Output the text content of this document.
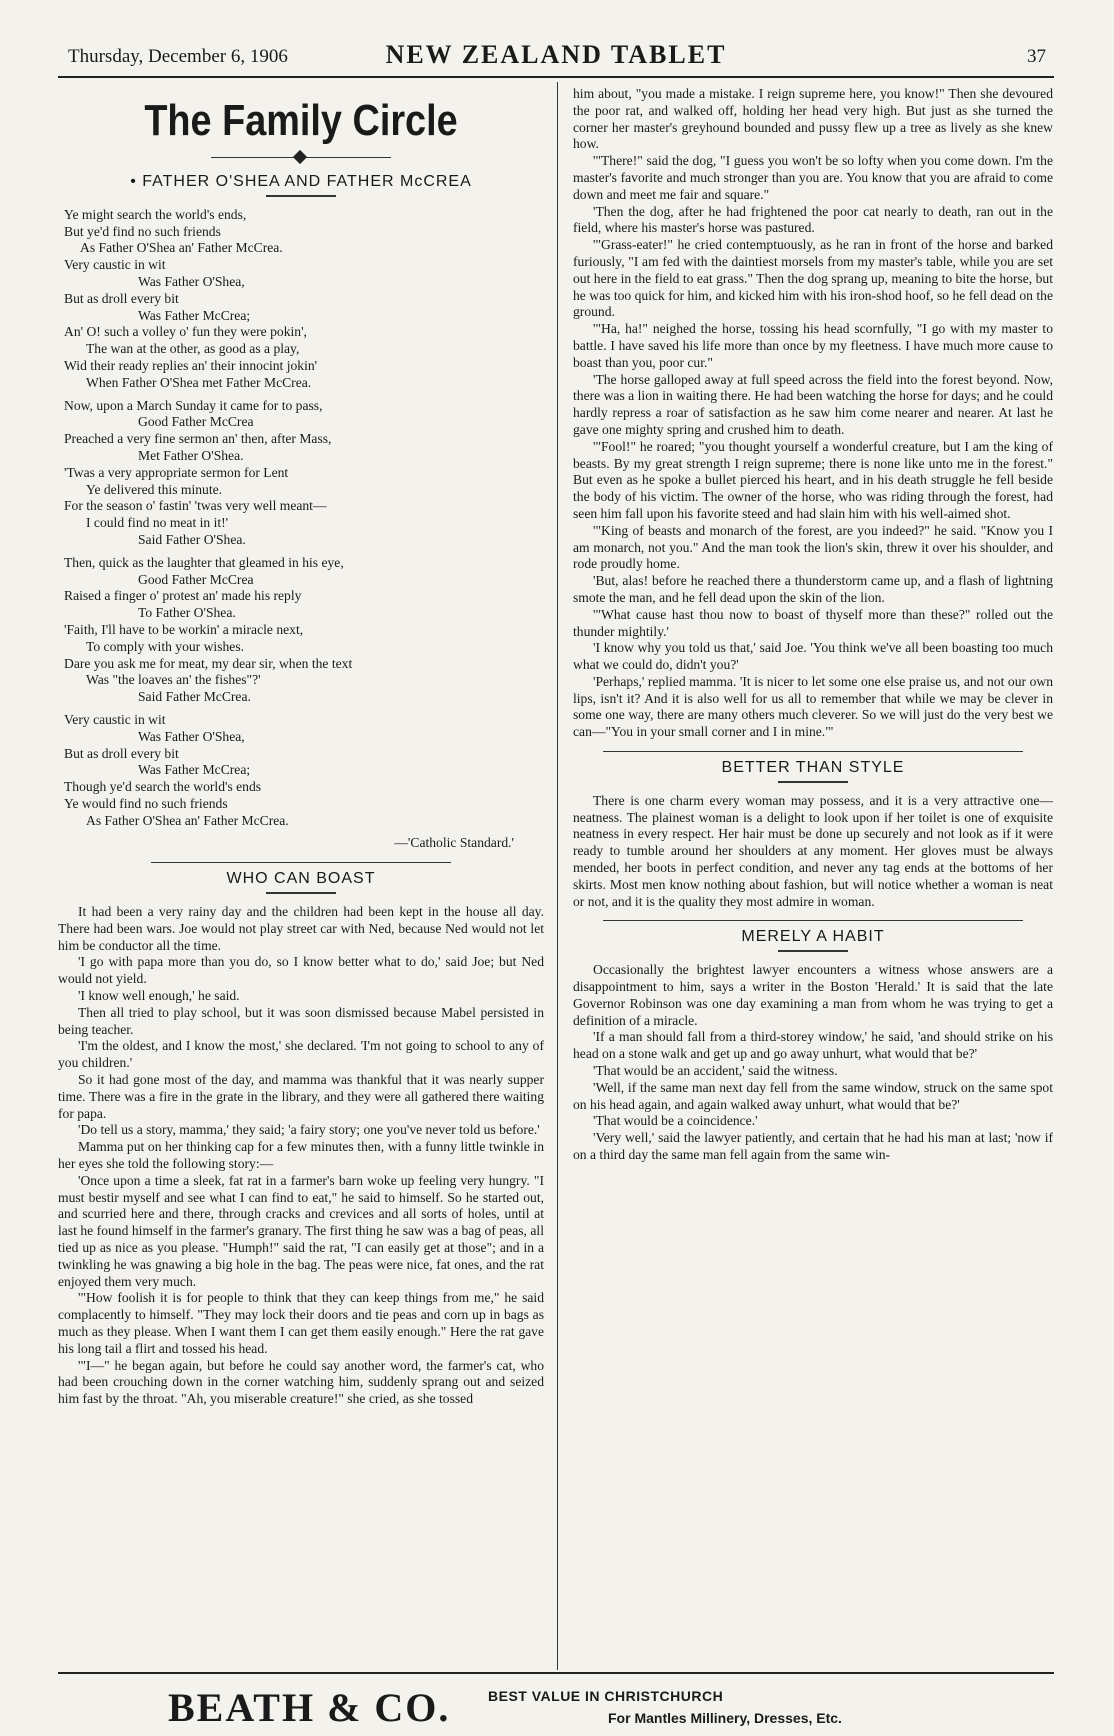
Thursday, December 6, 1906	NEW ZEALAND TABLET	37
The Family Circle
• FATHER O'SHEA AND FATHER McCREA
Ye might search the world's ends,
But ye'd find no such friends
As Father O'Shea an' Father McCrea.
Very caustic in wit
Was Father O'Shea,
But as droll every bit
Was Father McCrea;
An' O! such a volley o' fun they were pokin',
The wan at the other, as good as a play,
Wid their ready replies an' their innocint jokin'
When Father O'Shea met Father McCrea.
Now, upon a March Sunday it came for to pass,
Good Father McCrea
Preached a very fine sermon an' then, after Mass,
Met Father O'Shea.
'Twas a very appropriate sermon for Lent
Ye delivered this minute.
For the season o' fastin' 'twas very well meant—
I could find no meat in it!'
Said Father O'Shea.
Then, quick as the laughter that gleamed in his eye,
Good Father McCrea
Raised a finger o' protest an' made his reply
To Father O'Shea.
'Faith, I'll have to be workin' a miracle next,
To comply with your wishes.
Dare you ask me for meat, my dear sir, when the text
Was "the loaves an' the fishes"?'
Said Father McCrea.
Very caustic in wit
Was Father O'Shea,
But as droll every bit
Was Father McCrea;
Though ye'd search the world's ends
Ye would find no such friends
As Father O'Shea an' Father McCrea.
—'Catholic Standard.'
WHO CAN BOAST

It had been a very rainy day and the children had been kept in the house all day. There had been wars. Joe would not play street car with Ned, because Ned would not let him be conductor all the time.

'I go with papa more than you do, so I know better what to do,' said Joe; but Ned would not yield.

'I know well enough,' he said.

Then all tried to play school, but it was soon dismissed because Mabel persisted in being teacher.

'I'm the oldest, and I know the most,' she declared. 'I'm not going to school to any of you children.'

So it had gone most of the day, and mamma was thankful that it was nearly supper time. There was a fire in the grate in the library, and they were all gathered there waiting for papa.

'Do tell us a story, mamma,' they said; 'a fairy story; one you've never told us before.'

Mamma put on her thinking cap for a few minutes then, with a funny little twinkle in her eyes she told the following story:—

'Once upon a time a sleek, fat rat in a farmer's barn woke up feeling very hungry. "I must bestir myself and see what I can find to eat," he said to himself. So he started out, and scurried here and there, through cracks and crevices and all sorts of holes, until at last he found himself in the farmer's granary. The first thing he saw was a bag of peas, all tied up as nice as you please. "Humph!" said the rat, "I can easily get at those"; and in a twinkling he was gnawing a big hole in the bag. The peas were nice, fat ones, and the rat enjoyed them very much.

'"How foolish it is for people to think that they can keep things from me," he said complacently to himself. "They may lock their doors and tie peas and corn up in bags as much as they please. When I want them I can get them easily enough." Here the rat gave his long tail a flirt and tossed his head.

'"I—" he began again, but before he could say another word, the farmer's cat, who had been crouching down in the corner watching him, suddenly sprang out and seized him fast by the throat. "Ah, you miserable creature!" she cried, as she tossed

him about, "you made a mistake. I reign supreme here, you know!" Then she devoured the poor rat, and walked off, holding her head very high. But just as she turned the corner her master's greyhound bounded and pussy flew up a tree as lively as she knew how.

'"There!" said the dog, "I guess you won't be so lofty when you come down. I'm the master's favorite and much stronger than you are. You know that you are afraid to come down and meet me fair and square."

'Then the dog, after he had frightened the poor cat nearly to death, ran out in the field, where his master's horse was pastured.

'"Grass-eater!" he cried contemptuously, as he ran in front of the horse and barked furiously, "I am fed with the daintiest morsels from my master's table, while you are set out here in the field to eat grass." Then the dog sprang up, meaning to bite the horse, but he was too quick for him, and kicked him with his iron-shod hoof, so he fell dead on the ground.

'"Ha, ha!" neighed the horse, tossing his head scornfully, "I go with my master to battle. I have saved his life more than once by my fleetness. I have much more cause to boast than you, poor cur."

'The horse galloped away at full speed across the field into the forest beyond. Now, there was a lion in waiting there. He had been watching the horse for days; and he could hardly repress a roar of satisfaction as he saw him come nearer and nearer. At last he gave one mighty spring and crushed him to death.

'"Fool!" he roared; "you thought yourself a wonderful creature, but I am the king of beasts. By my great strength I reign supreme; there is none like unto me in the forest." But even as he spoke a bullet pierced his heart, and in his death struggle he fell beside the body of his victim. The owner of the horse, who was riding through the forest, had seen him fall upon his favorite steed and had slain him with his well-aimed shot.

'"King of beasts and monarch of the forest, are you indeed?" he said. "Know you I am monarch, not you." And the man took the lion's skin, threw it over his shoulder, and rode proudly home.

'But, alas! before he reached there a thunderstorm came up, and a flash of lightning smote the man, and he fell dead upon the skin of the lion.

'"What cause hast thou now to boast of thyself more than these?" rolled out the thunder mightily.'

'I know why you told us that,' said Joe. 'You think we've all been boasting too much what we could do, didn't you?'

'Perhaps,' replied mamma. 'It is nicer to let some one else praise us, and not our own lips, isn't it? And it is also well for us all to remember that while we may be clever in some one way, there are many others much cleverer. So we will just do the very best we can—"You in your small corner and I in mine."'

BETTER THAN STYLE

There is one charm every woman may possess, and it is a very attractive one—neatness. The plainest woman is a delight to look upon if her toilet is one of exquisite neatness in every respect. Her hair must be done up securely and not look as if it were ready to tumble around her shoulders at any moment. Her gloves must be always mended, her boots in perfect condition, and never any tag ends at the bottoms of her skirts. Most men know nothing about fashion, but will notice whether a woman is neat or not, and it is the quality they most admire in woman.

MERELY A HABIT

Occasionally the brightest lawyer encounters a witness whose answers are a disappointment to him, says a writer in the Boston 'Herald.' It is said that the late Governor Robinson was one day examining a man from whom he was trying to get a definition of a miracle.

'If a man should fall from a third-storey window,' he said, 'and should strike on his head on a stone walk and get up and go away unhurt, what would that be?'

'That would be an accident,' said the witness.

'Well, if the same man next day fell from the same window, struck on the same spot on his head again, and again walked away unhurt, what would that be?'

'That would be a coincidence.'

'Very well,' said the lawyer patiently, and certain that he had his man at last; 'now if on a third day the same man fell again from the same win-

BEATH & CO.	BEST VALUE IN CHRISTCHURCH
For Mantles Millinery, Dresses, Etc.
